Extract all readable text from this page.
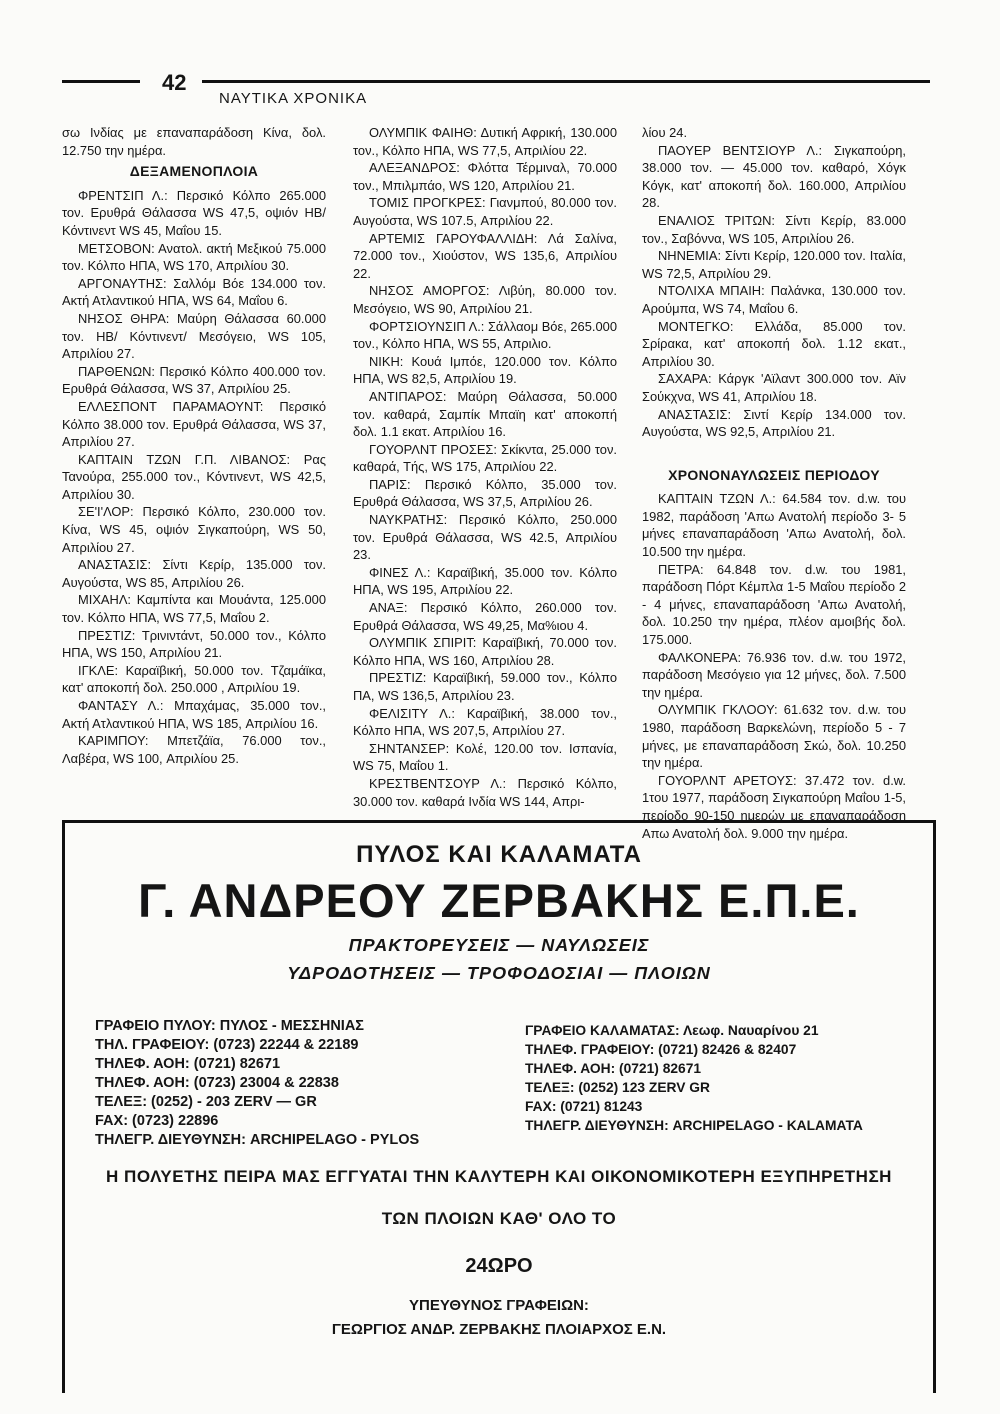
42
ΝΑΥΤΙΚΑ ΧΡΟΝΙΚΑ

σω Ινδίας με επαναπαράδοση Κίνα, δολ. 12.750 την ημέρα.

ΔΕΞΑΜΕΝΟΠΛΟΙΑ

ΦΡΕΝΤΣΙΠ Λ.: Περσικό Κόλπο 265.000 τον. Ερυθρά Θάλασσα WS 47,5, οψιόν ΗΒ/ Κόντινεντ WS 45, Μαΐου 15.

ΜΕΤΣΟΒΟΝ: Ανατολ. ακτή Μεξικού 75.000 τον. Κόλπο ΗΠΑ, WS 170, Απριλίου 30.

ΑΡΓΟΝΑΥΤΗΣ: Σαλλόμ Βόε 134.000 τον. Ακτή Ατλαντικού ΗΠΑ, WS 64, Μαΐου 6.

ΝΗΣΟΣ ΘΗΡΑ: Μαύρη Θάλασσα 60.000 τον. ΗΒ/ Κόντινεντ/ Μεσόγειο, WS 105, Απριλίου 27.

ΠΑΡΘΕΝΩΝ: Περσικό Κόλπο 400.000 τον. Ερυθρά Θάλασσα, WS 37, Απριλίου 25.

ΕΛΛΕΣΠΟΝΤ ΠΑΡΑΜΑΟΥΝΤ: Περσικό Κόλπο 38.000 τον. Ερυθρά Θάλασσα, WS 37, Απριλίου 27.

ΚΑΠΤΑΙΝ ΤΖΩΝ Γ.Π. ΛΙΒΑΝΟΣ: Ρας Τανούρα, 255.000 τον., Κόντινεντ, WS 42,5, Απριλίου 30.

ΣΕ'Ι'ΛΟΡ: Περσικό Κόλπο, 230.000 τον. Κίνα, WS 45, οψιόν Σιγκαπούρη, WS 50, Απριλίου 27.

ΑΝΑΣΤΑΣΙΣ: Σίντι Κερίρ, 135.000 τον. Αυγούστα, WS 85, Απριλίου 26.

ΜΙΧΑΗΛ: Καμπίντα και Μουάντα, 125.000 τον. Κόλπο ΗΠΑ, WS 77,5, Μαΐου 2.

ΠΡΕΣΤΙΖ: Τρινιντάντ, 50.000 τον., Κόλπο ΗΠΑ, WS 150, Απριλίου 21.

ΙΓΚΛΕ: Καραϊβική, 50.000 τον. Τζαμάϊκα, κατ' αποκοπή δολ. 250.000 , Απριλίου 19.

ΦΑΝΤΑΣΥ Λ.: Μπαχάμας, 35.000 τον., Ακτή Ατλαντικού ΗΠΑ, WS 185, Απριλίου 16.

ΚΑΡΙΜΠΟΥ: Μπετζάϊα, 76.000 τον., Λαβέρα, WS 100, Απριλίου 25.

ΟΛΥΜΠΙΚ ΦΑΙΗΘ: Δυτική Αφρική, 130.000 τον., Κόλπο ΗΠΑ, WS 77,5, Απριλίου 22.

ΑΛΕΞΑΝΔΡΟΣ: Φλόττα Τέρμιναλ, 70.000 τον., Μπιλμπάο, WS 120, Απριλίου 21.

ΤΟΜΙΣ ΠΡΟΓΚΡΕΣ: Γιανμπού, 80.000 τον. Αυγούστα, WS 107.5, Απριλίου 22.

ΑΡΤΕΜΙΣ ΓΑΡΟΥΦΑΛΛΙΔΗ: Λά Σαλίνα, 72.000 τον., Χιούστον, WS 135,6, Απριλίου 22.

ΝΗΣΟΣ ΑΜΟΡΓΟΣ: Λιβύη, 80.000 τον. Μεσόγειο, WS 90, Απριλίου 21.

ΦΟΡΤΣΙΟΥΝΣΙΠ Λ.: Σάλλαομ Βόε, 265.000 τον., Κόλπο ΗΠΑ, WS 55, Απριλιο.

ΝΙΚΗ: Κουά Ιμπόε, 120.000 τον. Κόλπο ΗΠΑ, WS 82,5, Απριλίου 19.

ΑΝΤΙΠΑΡΟΣ: Μαύρη Θάλασσα, 50.000 τον. καθαρά, Σαμπίκ Μπαϊη κατ' αποκοπή δολ. 1.1 εκατ. Απριλίου 16.

ΓΟΥΟΡΛΝΤ ΠΡΟΣΕΣ: Σκίκντα, 25.000 τον. καθαρά, Τής, WS 175, Απριλίου 22.

ΠΑΡΙΣ: Περσικό Κόλπο, 35.000 τον. Ερυθρά Θάλασσα, WS 37,5, Απριλίου 26.

ΝΑΥΚΡΑΤΗΣ: Περσικό Κόλπο, 250.000 τον. Ερυθρά Θάλασσα, WS 42.5, Απριλίου 23.

ΦΙΝΕΣ Λ.: Καραϊβική, 35.000 τον. Κόλπο ΗΠΑ, WS 195, Απριλίου 22.

ΑΝΑΞ: Περσικό Κόλπο, 260.000 τον. Ερυθρά Θάλασσα, WS 49,25, Μα%ιου 4.

ΟΛΥΜΠΙΚ ΣΠΙΡΙΤ: Καραϊβική, 70.000 τον. Κόλπο ΗΠΑ, WS 160, Απριλίου 28.

ΠΡΕΣΤΙΖ: Καραϊβική, 59.000 τον., Κόλπο ΠΑ, WS 136,5, Απριλίου 23.

ΦΕΛΙΣΙΤΥ Λ.: Καραϊβική, 38.000 τον., Κόλπο ΗΠΑ, WS 207,5, Απριλίου 27.

ΣΗΝΤΑΝΣΕΡ: Κολέ, 120.00 τον. Ισπανία, WS 75, Μαΐου 1.

ΚΡΕΣΤΒΕΝΤΣΟΥΡ Λ.: Περσικό Κόλπο, 30.000 τον. καθαρά Ινδία WS 144, Απρι-

λίου 24.

ΠΑΟΥΕΡ ΒΕΝΤΣΙΟΥΡ Λ.: Σιγκαπούρη, 38.000 τον. — 45.000 τον. καθαρό, Χόγκ Κόγκ, κατ' αποκοπή δολ. 160.000, Απριλίου 28.

ΕΝΑΛΙΟΣ ΤΡΙΤΩΝ: Σίντι Κερίρ, 83.000 τον., Σαβόννα, WS 105, Απριλίου 26.

ΝΗΝΕΜΙΑ: Σίντι Κερίρ, 120.000 τον. Ιταλία, WS 72,5, Απριλίου 29.

ΝΤΟΛΙΧΑ ΜΠΑΙΗ: Παλάνκα, 130.000 τον. Αρούμπα, WS 74, Μαΐου 6.

ΜΟΝΤΕΓΚΟ: Ελλάδα, 85.000 τον. Σρίρακα, κατ' αποκοπή δολ. 1.12 εκατ., Απριλίου 30.

ΣΑΧΑΡΑ: Κάργκ 'Αϊλαντ 300.000 τον. Αϊν Σούκχνα, WS 41, Απριλίου 18.

ΑΝΑΣΤΑΣΙΣ: Σιντί Κερίρ 134.000 τον. Αυγούστα, WS 92,5, Απριλίου 21.

ΧΡΟΝΟΝΑΥΛΩΣΕΙΣ ΠΕΡΙΟΔΟΥ

ΚΑΠΤΑΙΝ ΤΖΩΝ Λ.: 64.584 τον. d.w. του 1982, παράδοση 'Απω Ανατολή περίοδο 3- 5 μήνες επαναπαράδοση 'Απω Ανατολή, δολ. 10.500 την ημέρα.

ΠΕΤΡΑ: 64.848 τον. d.w. του 1981, παράδοση Πόρτ Κέμπλα 1-5 Μαΐου περίοδο 2 - 4 μήνες, επαναπαράδοση 'Απω Ανατολή, δολ. 10.250 την ημέρα, πλέον αμοιβής δολ. 175.000.

ΦΑΛΚΟΝΕΡΑ: 76.936 τον. d.w. του 1972, παράδοση Μεσόγειο για 12 μήνες, δολ. 7.500 την ημέρα.

ΟΛΥΜΠΙΚ ΓΚΛΟΟΥ: 61.632 τον. d.w. του 1980, παράδοση Βαρκελώνη, περίοδο 5 - 7 μήνες, με επαναπαράδοση Σκώ, δολ. 10.250 την ημέρα.

ΓΟΥΟΡΛΝΤ ΑΡΕΤΟΥΣ: 37.472 τον. d.w. 1του 1977, παράδοση Σιγκαπούρη Μαΐου 1-5, περίοδο 90-150 ημερών με επαναπαράδοση Απω Ανατολή δολ. 9.000 την ημέρα.

ΠΥΛΟΣ ΚΑΙ ΚΑΛΑΜΑΤΑ
Γ. ΑΝΔΡΕΟΥ ΖΕΡΒΑΚΗΣ Ε.Π.Ε.
ΠΡΑΚΤΟΡΕΥΣΕΙΣ — ΝΑΥΛΩΣΕΙΣ
ΥΔΡΟΔΟΤΗΣΕΙΣ — ΤΡΟΦΟΔΟΣΙΑΙ — ΠΛΟΙΩΝ
ΓΡΑΦΕΙΟ ΠΥΛΟΥ: ΠΥΛΟΣ - ΜΕΣΣΗΝΙΑΣ
ΤΗΛ. ΓΡΑΦΕΙΟΥ: (0723) 22244 & 22189
ΤΗΛΕΦ. ΑΟΗ: (0721) 82671
ΤΗΛΕΦ. ΑΟΗ: (0723) 23004 & 22838
ΤΕΛΕΞ: (0252) - 203 ZERV — GR
FAX: (0723) 22896
ΤΗΛΕΓΡ. ΔΙΕΥΘΥΝΣΗ: ARCHIPELAGO - PYLOS
ΓΡΑΦΕΙΟ ΚΑΛΑΜΑΤΑΣ: Λεωφ. Ναυαρίνου 21
ΤΗΛΕΦ. ΓΡΑΦΕΙΟΥ: (0721) 82426 & 82407
ΤΗΛΕΦ. ΑΟΗ: (0721) 82671
ΤΕΛΕΞ: (0252) 123 ZERV GR
FAX: (0721) 81243
ΤΗΛΕΓΡ. ΔΙΕΥΘΥΝΣΗ: ARCHIPELAGO - KALAMATA
Η ΠΟΛΥΕΤΗΣ ΠΕΙΡΑ ΜΑΣ ΕΓΓΥΑΤΑΙ ΤΗΝ ΚΑΛΥΤΕΡΗ ΚΑΙ ΟΙΚΟΝΟΜΙΚΟΤΕΡΗ ΕΞΥΠΗΡΕΤΗΣΗ
ΤΩΝ ΠΛΟΙΩΝ ΚΑΘ' ΟΛΟ ΤΟ
24ΩΡΟ
ΥΠΕΥΘΥΝΟΣ ΓΡΑΦΕΙΩΝ:
ΓΕΩΡΓΙΟΣ ΑΝΔΡ. ΖΕΡΒΑΚΗΣ ΠΛΟΙΑΡΧΟΣ Ε.Ν.
